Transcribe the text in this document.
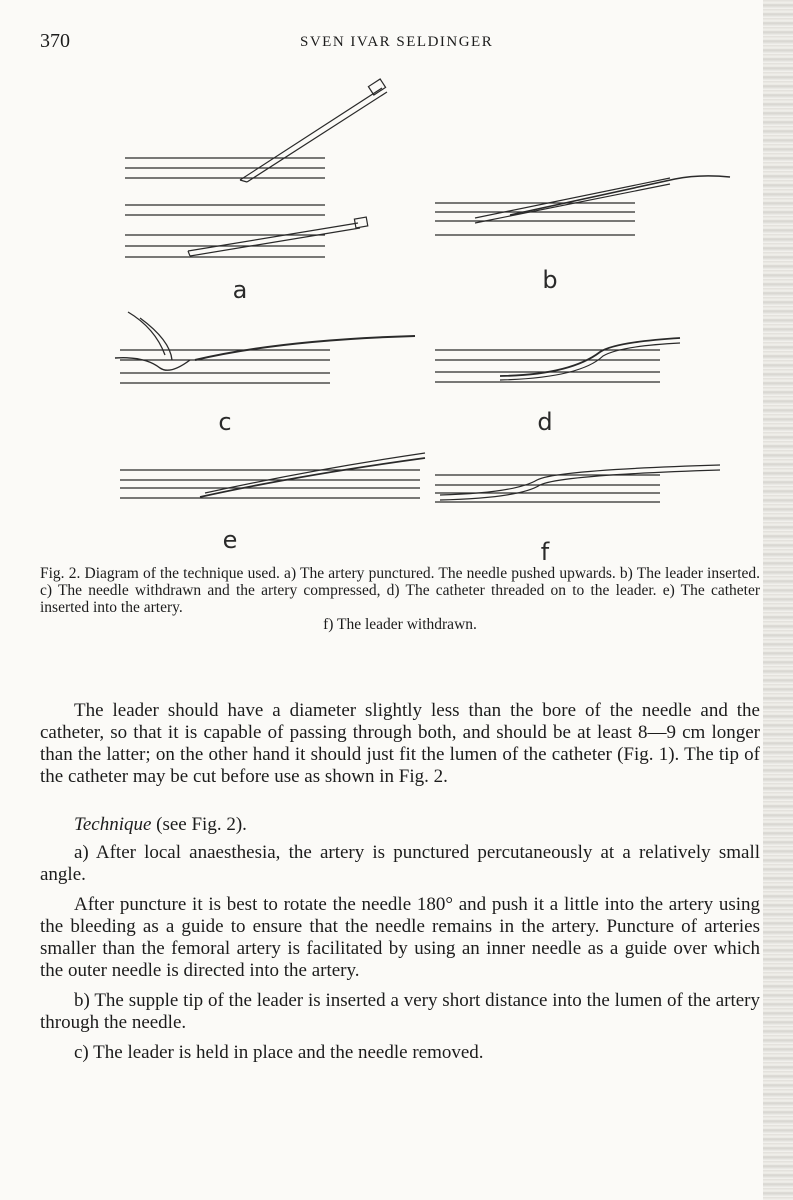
370	SVEN IVAR SELDINGER
a	b
c	d
e	f
Fig. 2. Diagram of the technique used. a) The artery punctured. The needle pushed upwards. b) The leader inserted. c) The needle withdrawn and the artery compressed, d) The catheter threaded on to the leader. e) The catheter inserted into the artery.
f) The leader withdrawn.

The leader should have a diameter slightly less than the bore of the needle and the catheter, so that it is capable of passing through both, and should be at least 8—9 cm longer than the latter; on the other hand it should just fit the lumen of the catheter (Fig. 1). The tip of the catheter may be cut before use as shown in Fig. 2.

Technique (see Fig. 2).

a) After local anaesthesia, the artery is punctured percutaneously at a relatively small angle.

After puncture it is best to rotate the needle 180° and push it a little into the artery using the bleeding as a guide to ensure that the needle remains in the artery. Puncture of arteries smaller than the femoral artery is facilitated by using an inner needle as a guide over which the outer needle is directed into the artery.

b) The supple tip of the leader is inserted a very short distance into the lumen of the artery through the needle.

c) The leader is held in place and the needle removed.
